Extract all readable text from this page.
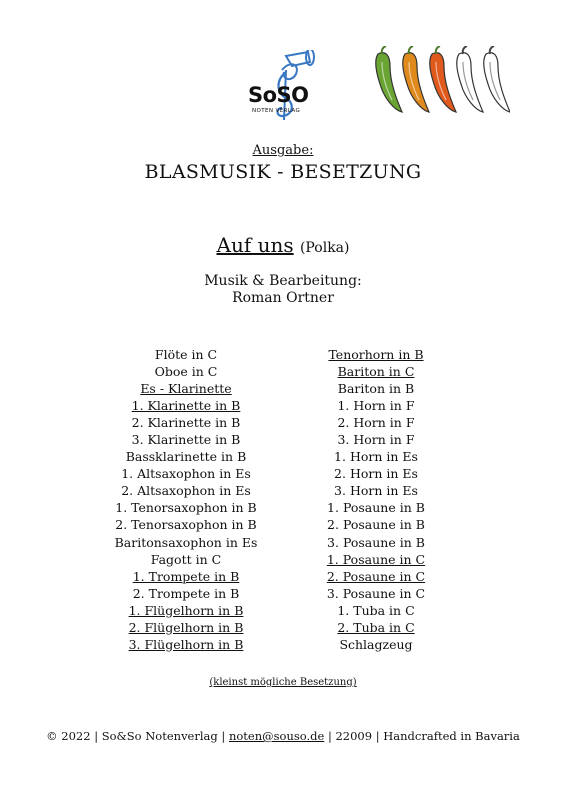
SoSO
NOTEN VERLAG
Ausgabe:
BLASMUSIK - BESETZUNG
Auf uns (Polka)
Musik & Bearbeitung:
Roman Ortner
Flöte in C
Oboe in C
Es - Klarinette
1. Klarinette in B
2. Klarinette in B
3. Klarinette in B
Bassklarinette in B
1. Altsaxophon in Es
2. Altsaxophon in Es
1. Tenorsaxophon in B
2. Tenorsaxophon in B
Baritonsaxophon in Es
Fagott in C
1. Trompete in B
2. Trompete in B
1. Flügelhorn in B
2. Flügelhorn in B
3. Flügelhorn in B
Tenorhorn in B
Bariton in C
Bariton in B
1. Horn in F
2. Horn in F
3. Horn in F
1. Horn in Es
2. Horn in Es
3. Horn in Es
1. Posaune in B
2. Posaune in B
3. Posaune in B
1. Posaune in C
2. Posaune in C
3. Posaune in C
1. Tuba in C
2. Tuba in C
Schlagzeug
(kleinst mögliche Besetzung)
© 2022 | So&So Notenverlag | noten@souso.de | 22009 | Handcrafted in Bavaria
